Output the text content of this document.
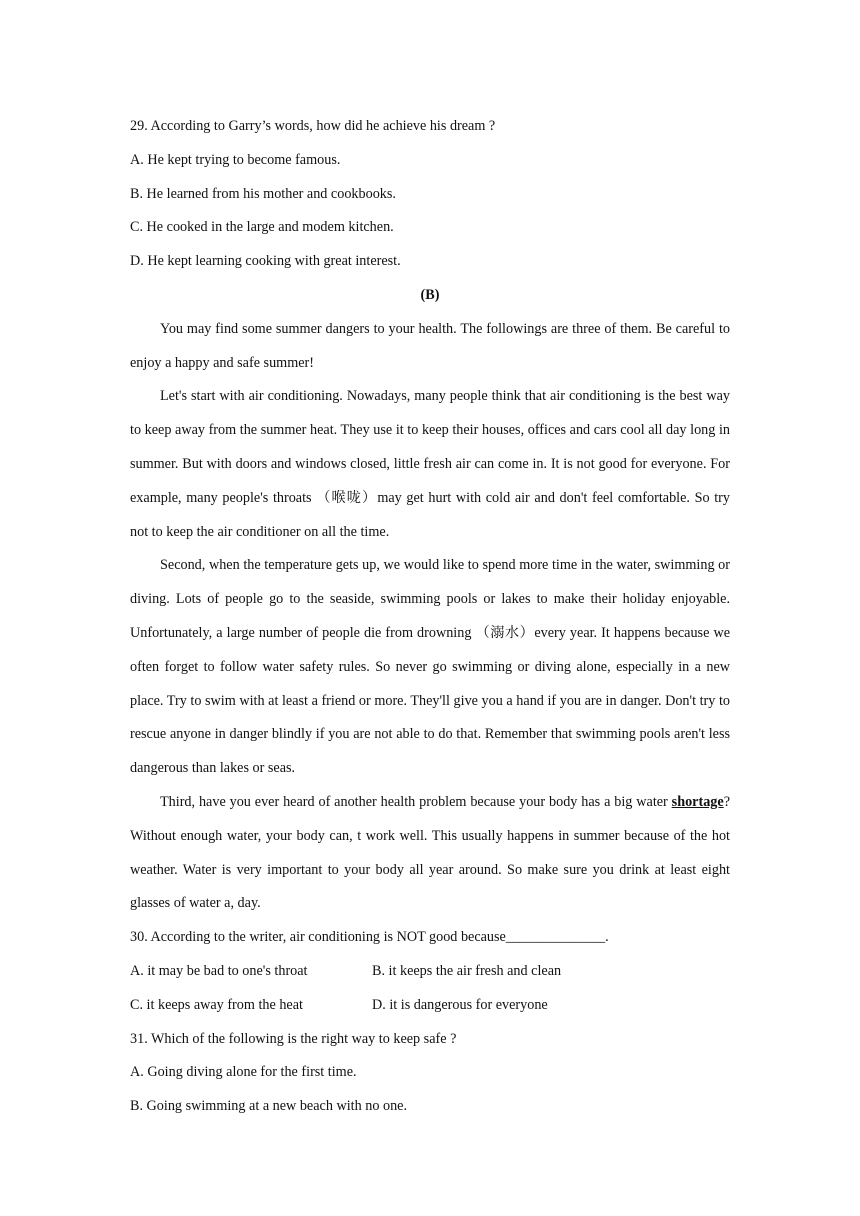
29. According to Garry’s words, how did he achieve his dream ?
A. He kept trying to become famous.
B. He learned from his mother and cookbooks.
C. He cooked in the large and modem kitchen.
D. He kept learning cooking with great interest.
(B)
You may find some summer dangers to your health. The followings are three of them. Be careful to enjoy a happy and safe summer!
Let's start with air conditioning. Nowadays, many people think that air conditioning is the best way to keep away from the summer heat. They use it to keep their houses, offices and cars cool all day long in summer. But with doors and windows closed, little fresh air can come in. It is not good for everyone. For example, many people's throats （喉咙）may get hurt with cold air and don't feel comfortable. So try not to keep the air conditioner on all the time.
Second, when the temperature gets up, we would like to spend more time in the water, swimming or diving. Lots of people go to the seaside, swimming pools or lakes to make their holiday enjoyable. Unfortunately, a large number of people die from drowning （溺水）every year. It happens because we often forget to follow water safety rules. So never go swimming or diving alone, especially in a new place. Try to swim with at least a friend or more. They'll give you a hand if you are in danger. Don't try to rescue anyone in danger blindly if you are not able to do that. Remember that swimming pools aren't less dangerous than lakes or seas.
Third, have you ever heard of another health problem because your body has a big water shortage? Without enough water, your body can, t work well. This usually happens in summer because of the hot weather. Water is very important to your body all year around. So make sure you drink at least eight glasses of water a, day.
30. According to the writer, air conditioning is NOT good because______________.
A. it may be bad to one's throat	B. it keeps the air fresh and clean
C. it keeps away from the heat	D. it is dangerous for everyone
31. Which of the following is the right way to keep safe ?
A. Going diving alone for the first time.
B. Going swimming at a new beach with no one.
